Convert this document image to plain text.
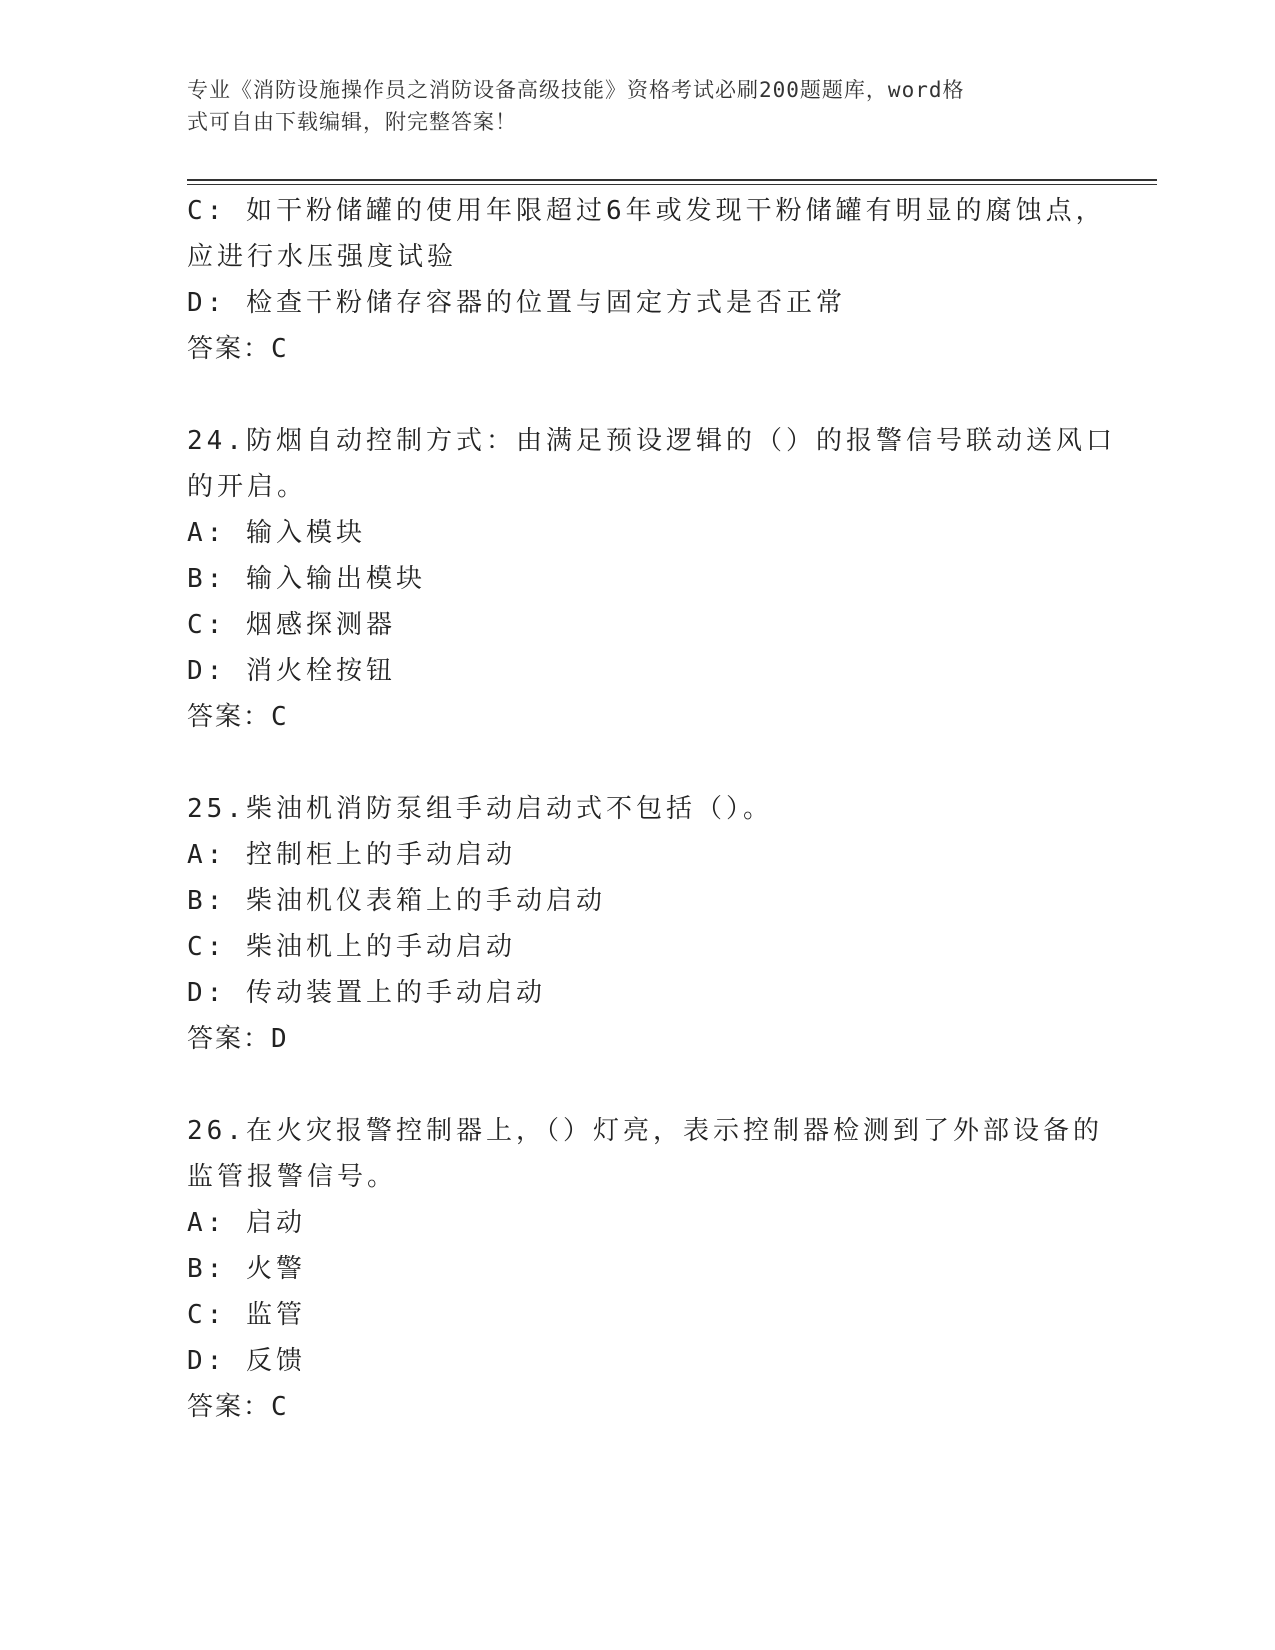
专业《消防设施操作员之消防设备高级技能》资格考试必刷200题题库，word格
式可自由下载编辑，附完整答案！
C: 如干粉储罐的使用年限超过6年或发现干粉储罐有明显的腐蚀点，
应进行水压强度试验
D: 检查干粉储存容器的位置与固定方式是否正常
答案：C
24.防烟自动控制方式：由满足预设逻辑的（）的报警信号联动送风口
的开启。
A: 输入模块
B: 输入输出模块
C: 烟感探测器
D: 消火栓按钮
答案：C
25.柴油机消防泵组手动启动式不包括（）。
A: 控制柜上的手动启动
B: 柴油机仪表箱上的手动启动
C: 柴油机上的手动启动
D: 传动装置上的手动启动
答案：D
26.在火灾报警控制器上，（）灯亮，表示控制器检测到了外部设备的
监管报警信号。
A: 启动
B: 火警
C: 监管
D: 反馈
答案：C
